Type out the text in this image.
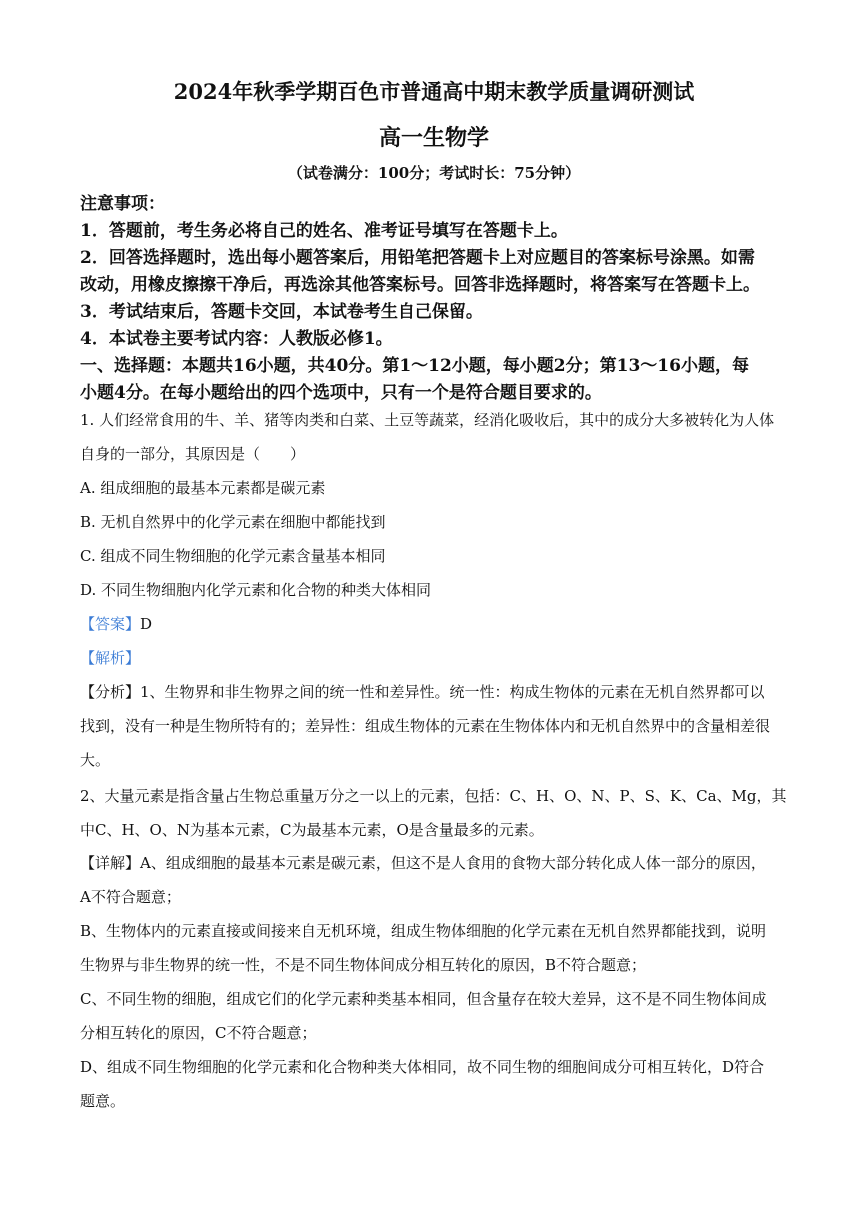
2024年秋季学期百色市普通高中期末教学质量调研测试
高一生物学
（试卷满分：100分；考试时长：75分钟）
注意事项：
1．答题前，考生务必将自己的姓名、准考证号填写在答题卡上。
2．回答选择题时，选出每小题答案后，用铅笔把答题卡上对应题目的答案标号涂黑。如需
改动，用橡皮擦擦干净后，再选涂其他答案标号。回答非选择题时，将答案写在答题卡上。
3．考试结束后，答题卡交回，本试卷考生自己保留。
4．本试卷主要考试内容：人教版必修1。
一、选择题：本题共16小题，共40分。第1～12小题，每小题2分；第13～16小题，每
小题4分。在每小题给出的四个选项中，只有一个是符合题目要求的。
1. 人们经常食用的牛、羊、猪等肉类和白菜、土豆等蔬菜，经消化吸收后，其中的成分大多被转化为人体
自身的一部分，其原因是（　　）
A. 组成细胞的最基本元素都是碳元素
B. 无机自然界中的化学元素在细胞中都能找到
C. 组成不同生物细胞的化学元素含量基本相同
D. 不同生物细胞内化学元素和化合物的种类大体相同
【答案】D
【解析】
【分析】1、生物界和非生物界之间的统一性和差异性。统一性：构成生物体的元素在无机自然界都可以
找到，没有一种是生物所特有的；差异性：组成生物体的元素在生物体体内和无机自然界中的含量相差很
大。
2、大量元素是指含量占生物总重量万分之一以上的元素，包括：C、H、O、N、P、S、K、Ca、Mg，其
中C、H、O、N为基本元素，C为最基本元素，O是含量最多的元素。
【详解】A、组成细胞的最基本元素是碳元素，但这不是人食用的食物大部分转化成人体一部分的原因，
A不符合题意；
B、生物体内的元素直接或间接来自无机环境，组成生物体细胞的化学元素在无机自然界都能找到，说明
生物界与非生物界的统一性，不是不同生物体间成分相互转化的原因，B不符合题意；
C、不同生物的细胞，组成它们的化学元素种类基本相同，但含量存在较大差异，这不是不同生物体间成
分相互转化的原因，C不符合题意；
D、组成不同生物细胞的化学元素和化合物种类大体相同，故不同生物的细胞间成分可相互转化，D符合
题意。
